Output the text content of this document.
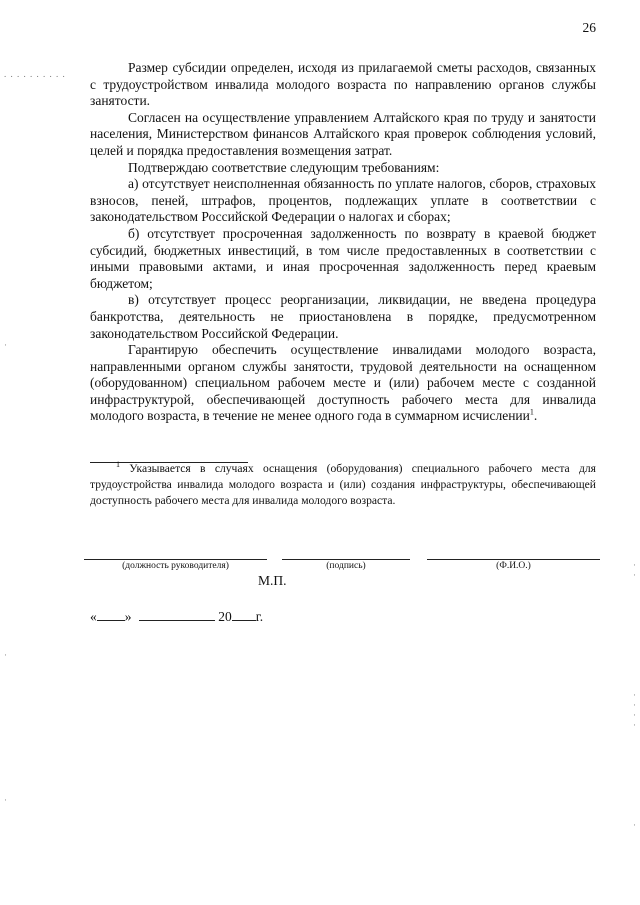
26
. . . . . . . . . .	Размер субсидии определен, исходя из прилагаемой сметы расходов, связанных с трудоустройством инвалида молодого возраста по направлению органов службы занятости.

Согласен на осуществление управлением Алтайского края по труду и занятости населения, Министерством финансов Алтайского края проверок соблюдения условий, целей и порядка предоставления возмещения затрат.

Подтверждаю соответствие следующим требованиям:

а) отсутствует неисполненная обязанность по уплате налогов, сборов, страховых взносов, пеней, штрафов, процентов, подлежащих уплате в соответствии с законодательством Российской Федерации о налогах и сборах;

б) отсутствует просроченная задолженность по возврату в краевой бюджет субсидий, бюджетных инвестиций, в том числе предоставленных в соответствии с иными правовыми актами, и иная просроченная задолженность перед краевым бюджетом;

в) отсутствует процесс реорганизации, ликвидации, не введена процедура банкротства, деятельность не приостановлена в порядке, предусмотренном законодательством Российской Федерации.

Гарантирую обеспечить осуществление инвалидами молодого возраста, направленными органом службы занятости, трудовой деятельности на оснащенном (оборудованном) специальном рабочем месте и (или) рабочем месте с созданной инфраструктурой, обеспечивающей доступность рабочего места для инвалида молодого возраста, в течение не менее одного года в суммарном исчислении$^1$.

$^1$ Указывается в случаях оснащения (оборудования) специального рабочего места для трудоустройства инвалида молодого возраста и (или) создания инфраструктуры, обеспечивающей доступность рабочего места для инвалида молодого возраста.

(должность руководителя)	(подпись)	(Ф.И.О.)
М.П.
« »	20 г.
·
·
·
·
·
·
·
·
·
·
